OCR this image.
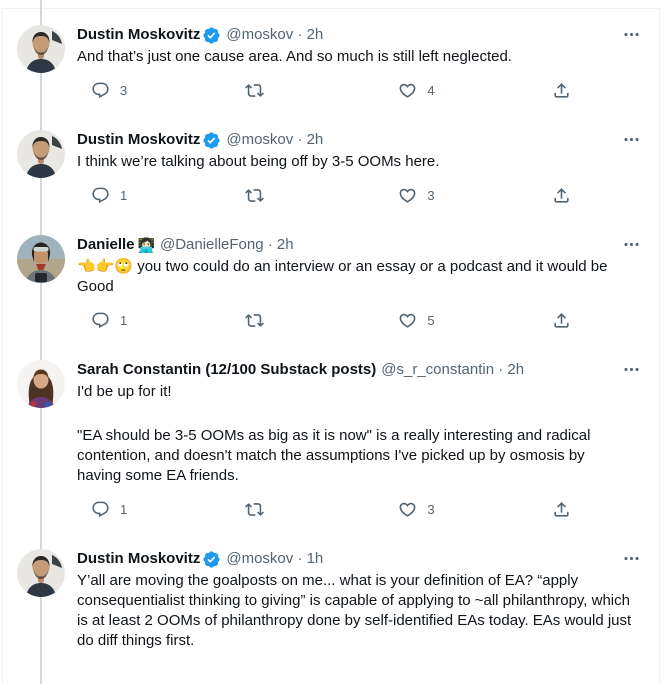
Dustin Moskovitz @moskov · 2h

And that’s just one cause area. And so much is still left neglected.

3	4
Dustin Moskovitz @moskov · 2h

I think we’re talking about being off by 3-5 OOMs here.

1	3
Danielle 👩🏻‍💻 @DanielleFong · 2h

👈👉🙄 you two could do an interview or an essay or a podcast and it would be Good

1	5
Sarah Constantin (12/100 Substack posts) @s_r_constantin · 2h

I'd be up for it!

"EA should be 3-5 OOMs as big as it is now" is a really interesting and radical contention, and doesn't match the assumptions I've picked up by osmosis by having some EA friends.

1	3
Dustin Moskovitz @moskov · 1h

Y’all are moving the goalposts on me... what is your definition of EA? “apply consequentialist thinking to giving” is capable of applying to ~all philanthropy, which is at least 2 OOMs of philanthropy done by self-identified EAs today. EAs would just do diff things first.
